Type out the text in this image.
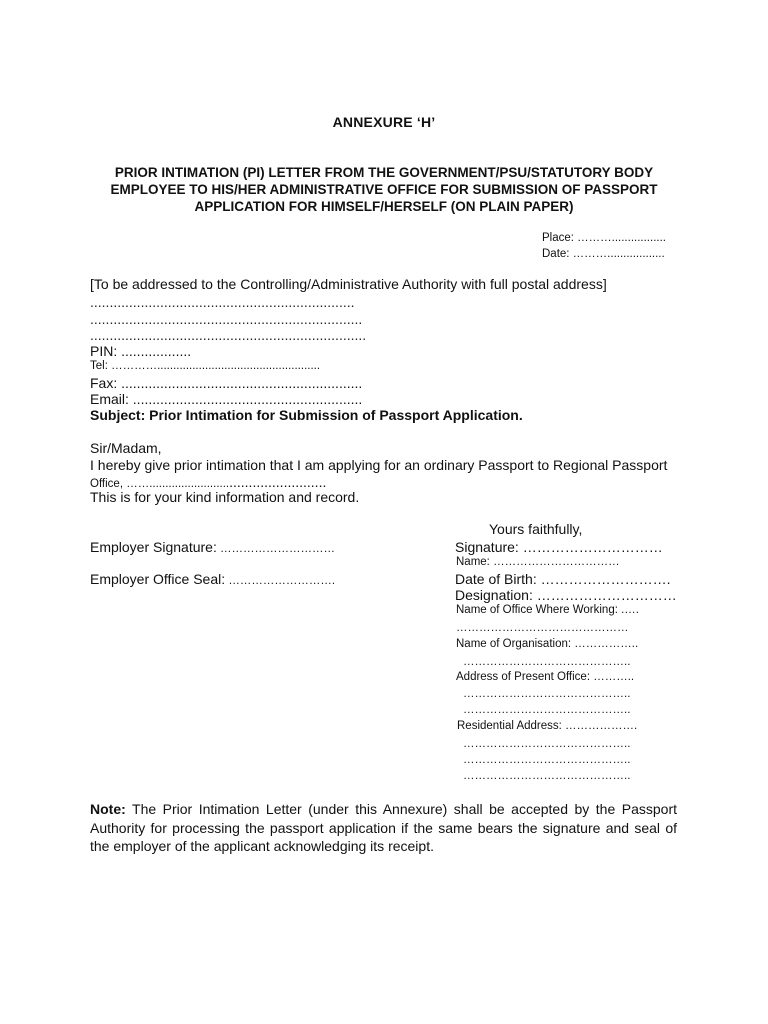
ANNEXURE ‘H’
PRIOR INTIMATION (PI) LETTER FROM THE GOVERNMENT/PSU/STATUTORY BODY
EMPLOYEE TO HIS/HER ADMINISTRATIVE OFFICE FOR SUBMISSION OF PASSPORT
APPLICATION FOR HIMSELF/HERSELF (ON PLAIN PAPER)
Place: ……….................
Date: ………..................
[To be addressed to the Controlling/Administrative Authority with full postal address]
....................................................................
......................................................................
.......................................................................
PIN: ..................
Tel: …………...................................................
Fax: ..............................................................
Email: ...........................................................
Subject: Prior Intimation for Submission of Passport Application.
Sir/Madam,
I hereby give prior intimation that I am applying for an ordinary Passport to Regional Passport
Office, ……..................................................
This is for your kind information and record.
Yours faithfully,
Employer Signature: …………………………
Employer Office Seal: ……………………….
Signature: …………………………
Name: ……………………………
Date of Birth: ……………………….
Designation: …………………………
Name of Office Where Working: .….
………………………………………
Name of Organisation: ……………..
……………………………………..
Address of Present Office: ………..
……………………………………..
……………………………………..
Residential Address: ……………….
……………………………………..
……………………………………..
……………………………………..
Note: The Prior Intimation Letter (under this Annexure) shall be accepted by the Passport Authority for processing the passport application if the same bears the signature and seal of the employer of the applicant acknowledging its receipt.
